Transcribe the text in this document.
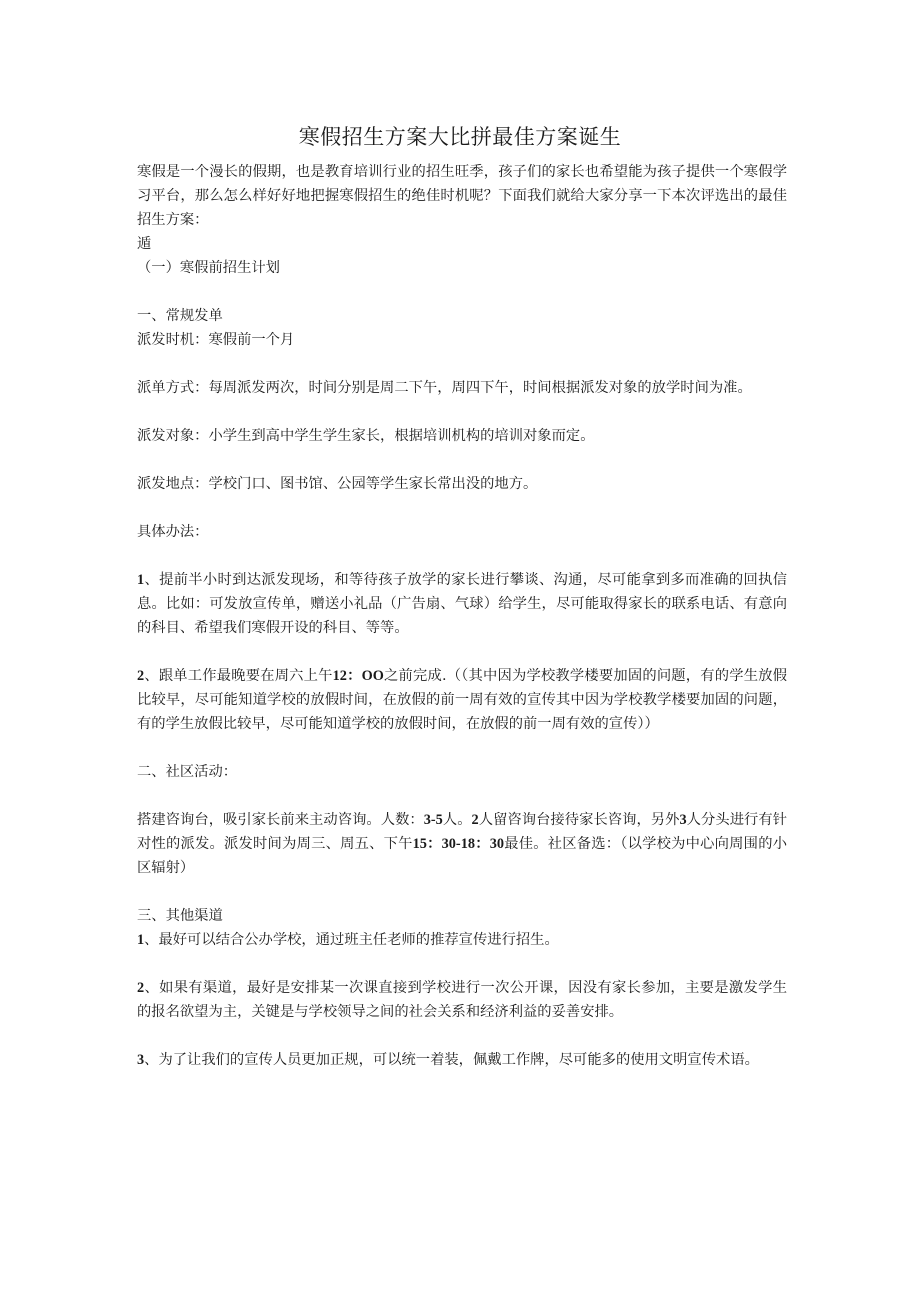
寒假招生方案大比拼最佳方案诞生

寒假是一个漫长的假期，也是教育培训行业的招生旺季，孩子们的家长也希望能为孩子提供一个寒假学习平台，那么怎么样好好地把握寒假招生的绝佳时机呢？下面我们就给大家分享一下本次评选出的最佳招生方案：

遁

（一）寒假前招生计划

一、常规发单

派发时机：寒假前一个月

派单方式：每周派发两次，时间分别是周二下午，周四下午，时间根据派发对象的放学时间为准。

派发对象：小学生到高中学生学生家长，根据培训机构的培训对象而定。

派发地点：学校门口、图书馆、公园等学生家长常出没的地方。

具体办法：

1、提前半小时到达派发现场，和等待孩子放学的家长进行攀谈、沟通，尽可能拿到多而准确的回执信息。比如：可发放宣传单，赠送小礼品（广告扇、气球）给学生，尽可能取得家长的联系电话、有意向的科目、希望我们寒假开设的科目、等等。

2、跟单工作最晚要在周六上午12：OO之前完成.（（其中因为学校教学楼要加固的问题，有的学生放假比较早，尽可能知道学校的放假时间，在放假的前一周有效的宣传其中因为学校教学楼要加固的问题，有的学生放假比较早，尽可能知道学校的放假时间，在放假的前一周有效的宣传））

二、社区活动：

搭建咨询台，吸引家长前来主动咨询。人数：3-5人。2人留咨询台接待家长咨询，另外3人分头进行有针对性的派发。派发时间为周三、周五、下午15：30-18：30最佳。社区备选：（以学校为中心向周围的小区辐射）

三、其他渠道

1、最好可以结合公办学校，通过班主任老师的推荐宣传进行招生。

2、如果有渠道，最好是安排某一次课直接到学校进行一次公开课，因没有家长参加，主要是激发学生的报名欲望为主，关键是与学校领导之间的社会关系和经济利益的妥善安排。

3、为了让我们的宣传人员更加正规，可以统一着装，佩戴工作牌，尽可能多的使用文明宣传术语。
